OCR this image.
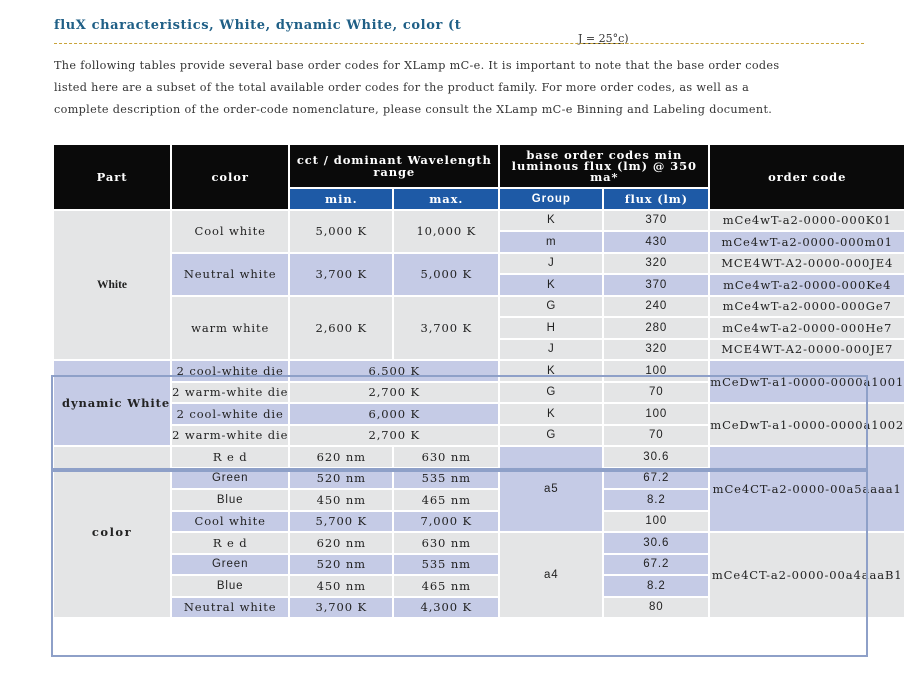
fluX characteristics, White, dynamic White, color (t
J = 25°c)
The following tables provide several base order codes for XLamp mC-e. It is important to note that the base order codes
listed here are a subset of the total available order codes for the product family. For more order codes, as well as a
complete description of the order-code nomenclature, please consult the XLamp mC-e Binning and Labeling document.
Part	color	cct / dominant Wavelength range		base order codes min luminous flux (lm) @ 350 ma*		order code
		min.	max.	Group	flux (lm)	
White	Cool white	5,000 K	10,000 K	K	370	mCe4wT-a2-0000-000K01
				m	430	mCe4wT-a2-0000-000m01
	Neutral white	3,700 K	5,000 K	J	320	MCE4WT-A2-0000-000JE4
				K	370	mCe4wT-a2-0000-000Ke4
	warm white	2,600 K	3,700 K	G	240	mCe4wT-a2-0000-000Ge7
				H	280	mCe4wT-a2-0000-000He7
				J	320	MCE4WT-A2-0000-000JE7
dynamic White	2 cool-white die	6,500 K		K	100	mCeDwT-a1-0000-0000a1001
	2 warm-white die	2,700 K		G	70	
	2 cool-white die	6,000 K		K	100	mCeDwT-a1-0000-0000a1002
	2 warm-white die	2,700 K		G	70	
color	R e d	620 nm	630 nm	a5	30.6	mCe4CT-a2-0000-00a5aaaa1
	Green	520 nm	535 nm		67.2	
	Blue	450 nm	465 nm		8.2	
	Cool white	5,700 K	7,000 K		100	
	R e d	620 nm	630 nm	a4	30.6	mCe4CT-a2-0000-00a4aaaB1
	Green	520 nm	535 nm		67.2	
	Blue	450 nm	465 nm		8.2	
	Neutral white	3,700 K	4,300 K		80	
